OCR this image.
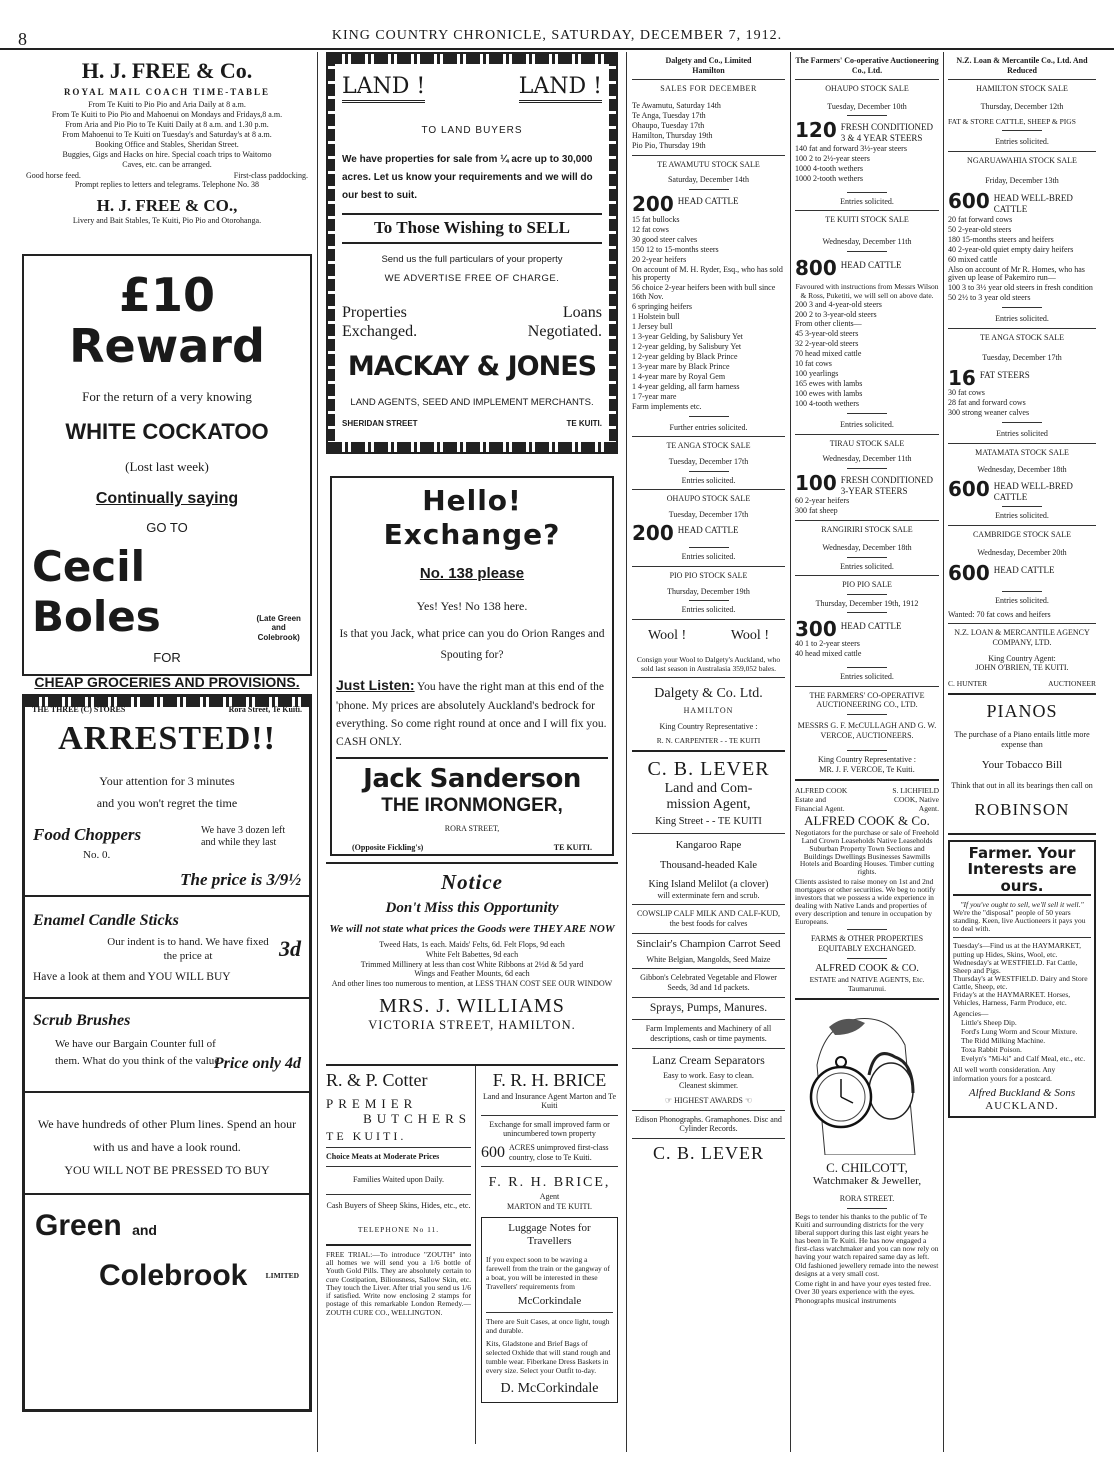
8	KING COUNTRY CHRONICLE, SATURDAY, DECEMBER 7, 1912.
H. J. FREE & Co.
ROYAL MAIL COACH TIME-TABLE

From Te Kuiti to Pio Pio and Aria Daily at 8 a.m.

From Te Kuiti to Pio Pio and Mahoenui on Mondays and Fridays,8 a.m.

From Aria and Pio Pio to Te Kuiti Daily at 8 a.m. and 1.30 p.m.

From Mahoenui to Te Kuiti on Tuesday's and Saturday's at 8 a.m.

Booking Office and Stables, Sheridan Street.

Buggies, Gigs and Hacks on hire. Special coach trips to Waitomo

Caves, etc. can be arranged.

Good horse feed.	First-class paddocking.
Prompt replies to letters and telegrams. Telephone No. 38
H. J. FREE & CO.,
Livery and Bait Stables, Te Kuiti, Pio Pio and Otorohanga.
£10 Reward
For the return of a very knowing
WHITE COCKATOO
(Lost last week)
Continually saying
GO TO
Cecil Boles	(Late Green and Colebrook)
FOR
CHEAP GROCERIES AND PROVISIONS.
THE THREE (C) STORES	Rora Street, Te Kuiti.
ARRESTED!!
Your attention for 3 minutes
and you won't regret the time
Food Choppers	We have 3 dozen left and while they last
No. 0.
The price is 3/9½
Enamel Candle Sticks
Our indent is to hand. We have fixed the price at	3d
Have a look at them and YOU WILL BUY
Scrub Brushes
We have our Bargain Counter full of them. What do you think of the value
Price only 4d
We have hundreds of other Plum lines. Spend an hour with us and have a look round.
YOU WILL NOT BE PRESSED TO BUY
Green and
Colebrook	LIMITED
LAND !	LAND !
TO LAND BUYERS
We have properties for sale from ¼ acre up to 30,000 acres. Let us know your requirements and we will do our best to suit.
To Those Wishing to SELL
Send us the full particulars of your property
WE ADVERTISE FREE OF CHARGE.
Properties
Exchanged.
Loans
Negotiated.
MACKAY & JONES
LAND AGENTS, SEED AND IMPLEMENT MERCHANTS.
SHERIDAN STREET	TE KUITI.
Hello! Exchange?
No. 138 please
Yes! Yes! No 138 here.
Is that you Jack, what price can you do Orion Ranges and Spouting for?
Just Listen: You have the right man at this end of the 'phone. My prices are absolutely Auckland's bedrock for everything. So come right round at once and I will fix you. CASH ONLY.
Jack Sanderson
THE IRONMONGER,
RORA STREET,
(Opposite Fickling's)	TE KUITI.
Notice
Don't Miss this Opportunity
We will not state what prices the Goods were THEY ARE NOW
Tweed Hats, 1s each. Maids' Felts, 6d. Felt Flops, 9d each
White Felt Babettes, 9d each
Trimmed Millinery at less than cost White Ribbons at 2½d & 5d yard
Wings and Feather Mounts, 6d each
And other lines too numerous to mention, at LESS THAN COST SEE OUR WINDOW
MRS. J. WILLIAMS
VICTORIA STREET, HAMILTON.
R. & P. Cotter
PREMIER
BUTCHERS
TE KUITI.
Choice Meats at Moderate Prices
Families Waited upon Daily.
Cash Buyers of Sheep Skins, Hides, etc., etc.
TELEPHONE No 11.
FREE TRIAL:—To introduce "ZOUTH" into all homes we will send you a 1/6 bottle of Youth Gold Pills. They are absolutely certain to cure Costipation, Biliousness, Sallow Skin, etc. They touch the Liver. After trial you send us 1/6 if satisfied. Write now enclosing 2 stamps for postage of this remarkable London Remedy.—ZOUTH CURE CO., WELLINGTON.
F. R. H. BRICE
Land and Insurance Agent Marton and Te Kuiti
Exchange for small improved farm or unincumbered town property
600 ACRES unimproved first-class country, close to Te Kuiti.
F. R. H. BRICE,
Agent
MARTON and TE KUITI.
Luggage Notes for Travellers
If you expect soon to be waving a farewell from the train or the gangway of a boat, you will be interested in these Travellers' requirements from
McCorkindale
There are Suit Cases, at once light, tough and durable.
Kits, Gladstone and Brief Bags of selected Oxhide that will stand rough and tumble wear. Fiberkane Dress Baskets in every size. Select your Outfit to-day.
D. McCorkindale
Dalgety and Co., Limited
Hamilton
SALES FOR DECEMBER

Te Awamutu, Saturday 14th

Te Anga, Tuesday 17th

Ohaupo, Tuesday 17th

Hamilton, Thursday 19th

Pio Pio, Thursday 19th

TE AWAMUTU STOCK SALE
Saturday, December 14th
200 HEAD CATTLE

15 fat bullocks

12 fat cows

30 good steer calves

150 12 to 15-months steers

20 2-year heifers

On account of M. H. Ryder, Esq., who has sold his property

56 choice 2-year heifers been with bull since 16th Nov.

6 springing heifers

1 Holstein bull

1 Jersey bull

1 3-year Gelding, by Salisbury Yet

1 2-year gelding, by Salisbury Yet

1 2-year gelding by Black Prince

1 3-year mare by Black Prince

1 4-year mare by Royal Gem

1 4-year gelding, all farm harness

1 7-year mare

Farm implements etc.

Further entries solicited.
TE ANGA STOCK SALE
Tuesday, December 17th
Entries solicited.
OHAUPO STOCK SALE
Tuesday, December 17th
200 HEAD CATTLE
Entries solicited.
PIO PIO STOCK SALE
Thursday, December 19th
Entries solicited.
Wool !	Wool !
Consign your Wool to Dalgety's Auckland, who sold last season in Australasia 359,052 bales.
Dalgety & Co. Ltd.
HAMILTON
King Country Representative :
R. N. CARPENTER - - TE KUITI
C. B. LEVER
Land and Com-
mission Agent,
King Street - - TE KUITI
Kangaroo Rape
Thousand-headed Kale
King Island Melilot (a clover)
will exterminate fern and scrub.
COWSLIP CALF MILK AND CALF-KUD, the best foods for calves
Sinclair's Champion Carrot Seed
White Belgian, Mangolds, Seed Maize
Gibbon's Celebrated Vegetable and Flower Seeds, 3d and 1d packets.
Sprays, Pumps, Manures.
Farm Implements and Machinery of all descriptions, cash or time payments.
Lanz Cream Separators
Easy to work. Easy to clean.
Cleanest skimmer.
☞ HIGHEST AWARDS ☜
Edison Phonographs. Gramaphones. Disc and Cylinder Records.
C. B. LEVER
The Farmers' Co-operative Auctioneering Co., Ltd.
OHAUPO STOCK SALE
Tuesday, December 10th
120 FRESH CONDITIONED 3 & 4 YEAR STEERS

140 fat and forward 3½-year steers

100 2 to 2½-year steers

1000 4-tooth wethers

1000 2-tooth wethers

Entries solicited.
TE KUITI STOCK SALE
Wednesday, December 11th
800 HEAD CATTLE
Favoured with instructions from Messrs Wilson & Ross, Puketiti, we will sell on above date.

200 3 and 4-year-old steers

200 2 to 3-year-old steers

From other clients—

45 3-year-old steers

32 2-year-old steers

70 head mixed cattle

10 fat cows

100 yearlings

165 ewes with lambs

100 ewes with lambs

100 4-tooth wethers

Entries solicited.
TIRAU STOCK SALE
Wednesday, December 11th
100 FRESH CONDITIONED 3-YEAR STEERS

60 2-year heifers

300 fat sheep

RANGIRIRI STOCK SALE
Wednesday, December 18th
Entries solicited.
PIO PIO SALE
Thursday, December 19th, 1912
300 HEAD CATTLE

40 1 to 2-year steers

40 head mixed cattle

Entries solicited.
THE FARMERS' CO-OPERATIVE AUCTIONEERING CO., LTD.
MESSRS G. F. McCULLAGH AND G. W. VERCOE, AUCTIONEERS.
King Country Representative :
MR. J. F. VERCOE, Te Kuiti.
ALFRED COOK Estate and Financial Agent.
S. LICHFIELD COOK, Native Agent.
ALFRED COOK & Co.
Negotiators for the purchase or sale of Freehold Land Crown Leaseholds Native Leaseholds Suburban Property Town Sections and Buildings Dwellings Businesses Sawmills Hotels and Boarding Houses. Timber cutting rights.
Clients assisted to raise money on 1st and 2nd mortgages or other securities. We beg to notify investors that we possess a wide experience in dealing with Native Lands and properties of every description and tenure in occupation by Europeans.
FARMS & OTHER PROPERTIES EQUITABLY EXCHANGED.
ALFRED COOK & CO.
ESTATE and NATIVE AGENTS, Etc.
Taumarunui.
C. CHILCOTT,
Watchmaker & Jeweller,
RORA STREET.
Begs to tender his thanks to the public of Te Kuiti and surrounding districts for the very liberal support during this last eight years he has been in Te Kuiti. He has now engaged a first-class watchmaker and you can now rely on having your watch repaired same day as left. Old fashioned jewellery remade into the newest designs at a very small cost.
Come right in and have your eyes tested free. Over 30 years experience with the eyes.
Phonographs musical instruments
N.Z. Loan & Mercantile Co., Ltd. And Reduced
HAMILTON STOCK SALE
Thursday, December 12th
FAT & STORE CATTLE, SHEEP & PIGS
Entries solicited.
NGARUAWAHIA STOCK SALE
Friday, December 13th
600 HEAD WELL-BRED CATTLE

20 fat forward cows

50 2-year-old steers

180 15-months steers and heifers

40 2-year-old quiet empty dairy heifers

60 mixed cattle

Also on account of Mr R. Homes, who has given up lease of Pakemiro run—

100 3 to 3½ year old steers in fresh condition

50 2½ to 3 year old steers

Entries solicited.
TE ANGA STOCK SALE
Tuesday, December 17th
16 FAT STEERS

30 fat cows

28 fat and forward cows

300 strong weaner calves

Entries solicited
MATAMATA STOCK SALE
Wednesday, December 18th
600 HEAD WELL-BRED CATTLE
Entries solicited.
CAMBRIDGE STOCK SALE
Wednesday, December 20th
600 HEAD CATTLE
Entries solicited.
Wanted: 70 fat cows and heifers
N.Z. LOAN & MERCANTILE AGENCY COMPANY, LTD.
King Country Agent:
JOHN O'BRIEN, TE KUITI.
C. HUNTER	AUCTIONEER
PIANOS
The purchase of a Piano entails little more expense than
Your Tobacco Bill
Think that out in all its bearings then call on
ROBINSON
Farmer. Your
Interests are ours.
"If you've ought to sell, we'll sell it well."
We're the "disposal" people of 50 years standing. Keen, live Auctioneers it pays you to deal with.
Tuesday's—Find us at the HAYMARKET, putting up Hides, Skins, Wool, etc.
Wednesday's at WESTFIELD. Fat Cattle, Sheep and Pigs.
Thursday's at WESTFIELD. Dairy and Store Cattle, Sheep, etc.
Friday's at the HAYMARKET. Horses, Vehicles, Harness, Farm Produce, etc.
Agencies—

Little's Sheep Dip.

Ford's Lung Worm and Scour Mixture.

The Ridd Milking Machine.

Toxa Rabbit Poison.

Evelyn's "Mi-ki" and Calf Meal, etc., etc.

All well worth consideration. Any information yours for a postcard.
Alfred Buckland & Sons
AUCKLAND.
